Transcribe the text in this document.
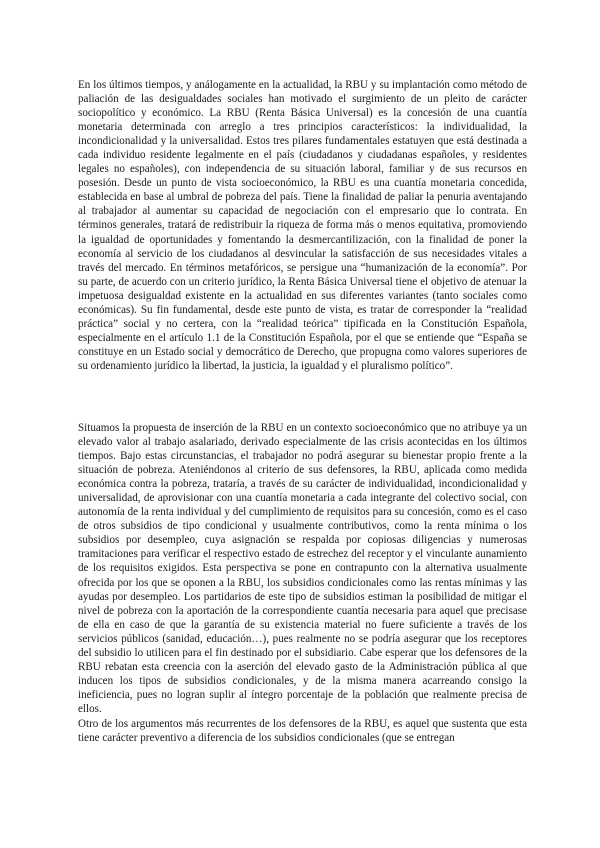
En los últimos tiempos, y análogamente en la actualidad, la RBU y su implantación como método de paliación de las desigualdades sociales han motivado el surgimiento de un pleito de carácter sociopolítico y económico. La RBU (Renta Básica Universal) es la concesión de una cuantía monetaria determinada con arreglo a tres principios característicos: la individualidad, la incondicionalidad y la universalidad. Estos tres pilares fundamentales estatuyen que está destinada a cada individuo residente legalmente en el país (ciudadanos y ciudadanas españoles, y residentes legales no españoles), con independencia de su situación laboral, familiar y de sus recursos en posesión. Desde un punto de vista socioeconómico, la RBU es una cuantía monetaria concedida, establecida en base al umbral de pobreza del país. Tiene la finalidad de paliar la penuria aventajando al trabajador al aumentar su capacidad de negociación con el empresario que lo contrata. En términos generales, tratará de redistribuir la riqueza de forma más o menos equitativa, promoviendo la igualdad de oportunidades y fomentando la desmercantilización, con la finalidad de poner la economía al servicio de los ciudadanos al desvincular la satisfacción de sus necesidades vitales a través del mercado. En términos metafóricos, se persigue una “humanización de la economía”. Por su parte, de acuerdo con un criterio jurídico, la Renta Básica Universal tiene el objetivo de atenuar la impetuosa desigualdad existente en la actualidad en sus diferentes variantes (tanto sociales como económicas). Su fin fundamental, desde este punto de vista, es tratar de corresponder la “realidad práctica” social y no certera, con la “realidad teórica” tipificada en la Constitución Española, especialmente en el artículo 1.1 de la Constitución Española, por el que se entiende que “España se constituye en un Estado social y democrático de Derecho, que propugna como valores superiores de su ordenamiento jurídico la libertad, la justicia, la igualdad y el pluralismo político”.

Situamos la propuesta de inserción de la RBU en un contexto socioeconómico que no atribuye ya un elevado valor al trabajo asalariado, derivado especialmente de las crisis acontecidas en los últimos tiempos. Bajo estas circunstancias, el trabajador no podrá asegurar su bienestar propio frente a la situación de pobreza. Ateniéndonos al criterio de sus defensores, la RBU, aplicada como medida económica contra la pobreza, trataría, a través de su carácter de individualidad, incondicionalidad y universalidad, de aprovisionar con una cuantía monetaria a cada integrante del colectivo social, con autonomía de la renta individual y del cumplimiento de requisitos para su concesión, como es el caso de otros subsidios de tipo condicional y usualmente contributivos, como la renta mínima o los subsidios por desempleo, cuya asignación se respalda por copiosas diligencias y numerosas tramitaciones para verificar el respectivo estado de estrechez del receptor y el vinculante aunamiento de los requisitos exigidos. Esta perspectiva se pone en contrapunto con la alternativa usualmente ofrecida por los que se oponen a la RBU, los subsidios condicionales como las rentas mínimas y las ayudas por desempleo. Los partidarios de este tipo de subsidios estiman la posibilidad de mitigar el nivel de pobreza con la aportación de la correspondiente cuantía necesaria para aquel que precisase de ella en caso de que la garantía de su existencia material no fuere suficiente a través de los servicios públicos (sanidad, educación…), pues realmente no se podría asegurar que los receptores del subsidio lo utilicen para el fin destinado por el subsidiario. Cabe esperar que los defensores de la RBU rebatan esta creencia con la aserción del elevado gasto de la Administración pública al que inducen los tipos de subsidios condicionales, y de la misma manera acarreando consigo la ineficiencia, pues no logran suplir al íntegro porcentaje de la población que realmente precisa de ellos.

Otro de los argumentos más recurrentes de los defensores de la RBU, es aquel que sustenta que esta tiene carácter preventivo a diferencia de los subsidios condicionales (que se entregan
